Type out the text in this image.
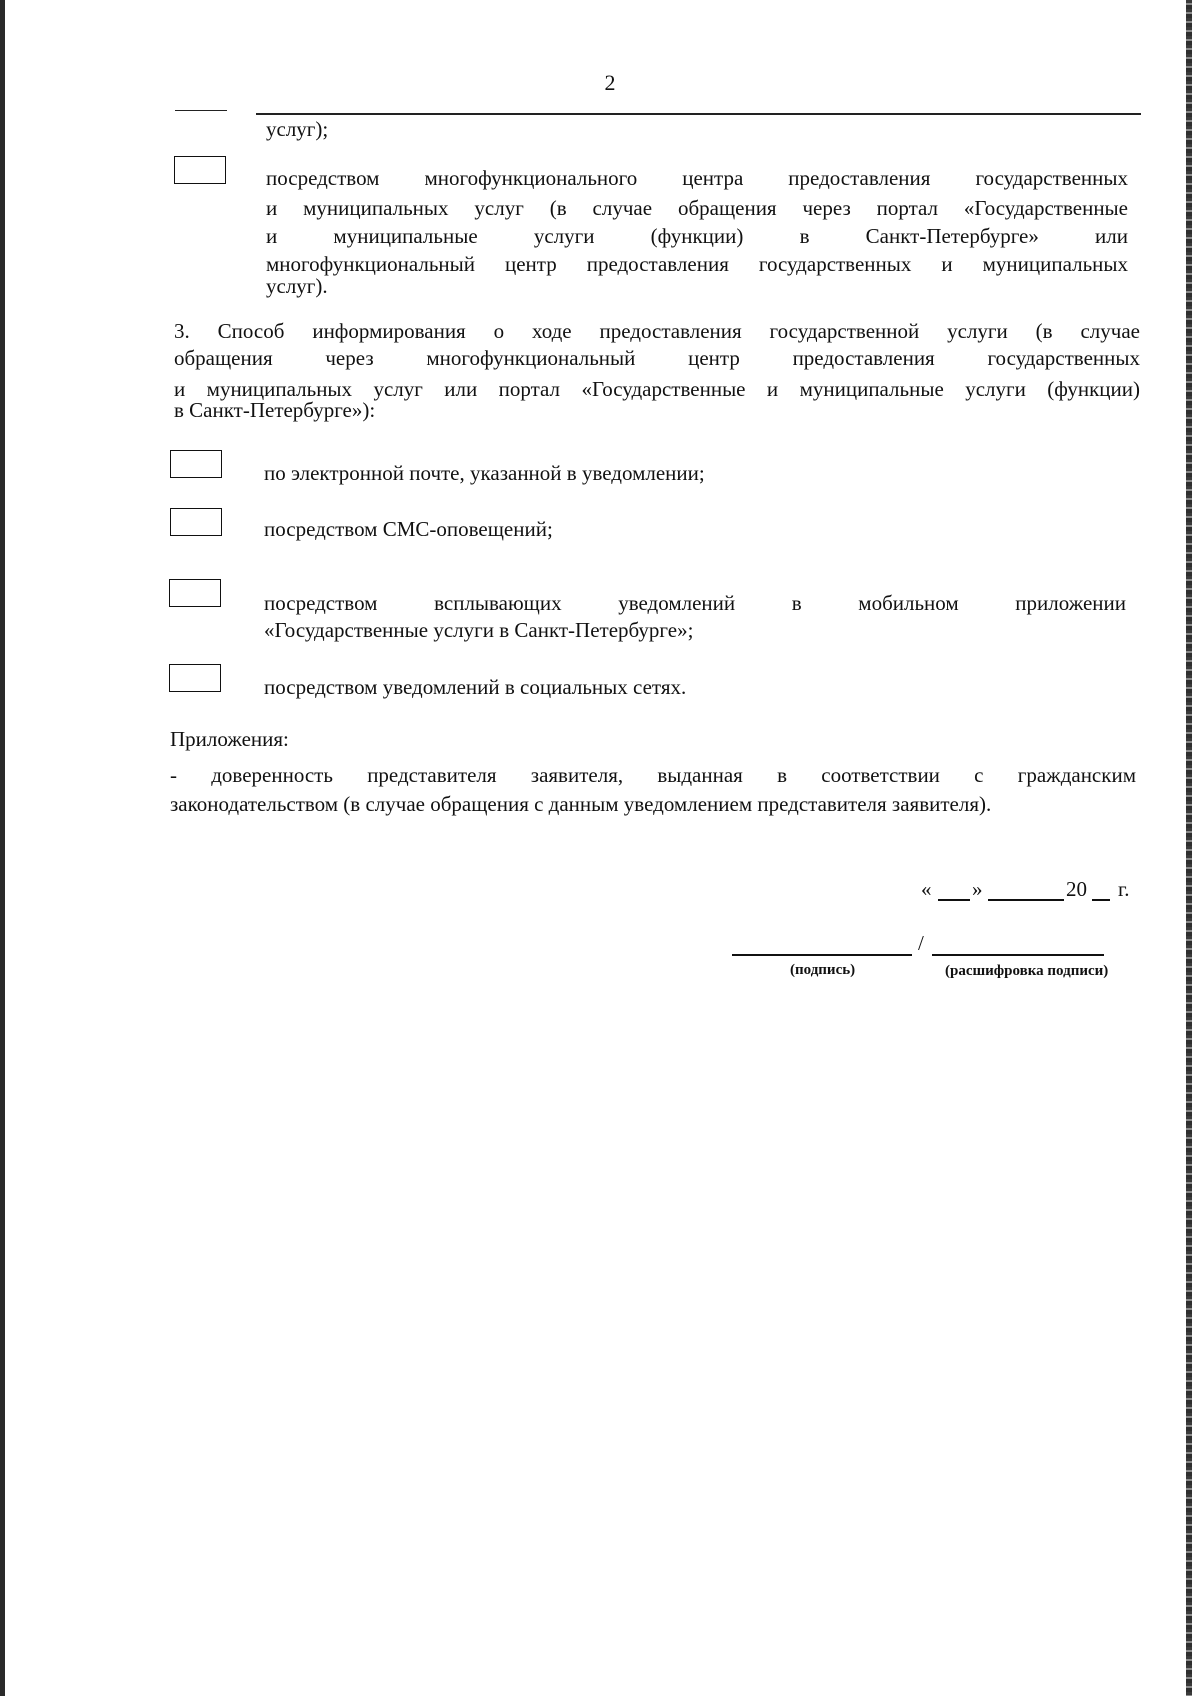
2
услуг);
посредством многофункционального центра предоставления государственных
и муниципальных услуг (в случае обращения через портал «Государственные
и муниципальные услуги (функции) в Санкт-Петербурге» или
многофункциональный центр предоставления государственных и муниципальных
услуг).
3. Способ информирования о ходе предоставления государственной услуги (в случае
обращения через многофункциональный центр предоставления государственных
и муниципальных услуг или портал «Государственные и муниципальные услуги (функции)
в Санкт-Петербурге»):
по электронной почте, указанной в уведомлении;
посредством СМС-оповещений;
посредством всплывающих уведомлений в мобильном приложении
«Государственные услуги в Санкт-Петербурге»;
посредством уведомлений в социальных сетях.
Приложения:
- доверенность представителя заявителя, выданная в соответствии с гражданским
законодательством (в случае обращения с данным уведомлением представителя заявителя).
« »	20 г.
/
(подпись)	(расшифровка подписи)
